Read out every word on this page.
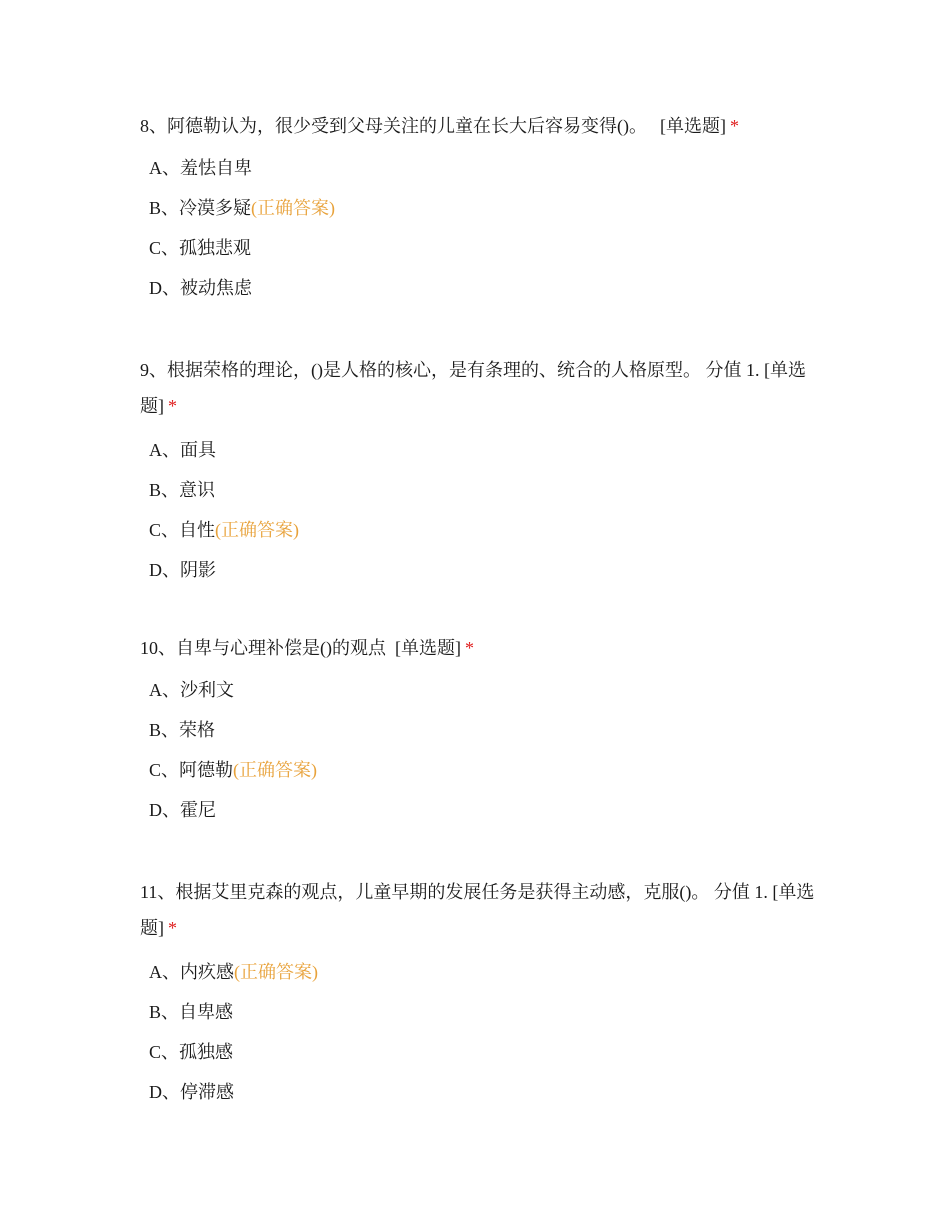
8、阿德勒认为，很少受到父母关注的儿童在长大后容易变得()。 [单选题] *
A、羞怯自卑
B、冷漠多疑(正确答案)
C、孤独悲观
D、被动焦虑
9、根据荣格的理论，()是人格的核心，是有条理的、统合的人格原型。 分值 1. [单选题] *
A、面具
B、意识
C、自性(正确答案)
D、阴影
10、自卑与心理补偿是()的观点 [单选题] *
A、沙利文
B、荣格
C、阿德勒(正确答案)
D、霍尼
11、根据艾里克森的观点，儿童早期的发展任务是获得主动感，克服()。 分值 1. [单选题] *
A、内疚感(正确答案)
B、自卑感
C、孤独感
D、停滞感
